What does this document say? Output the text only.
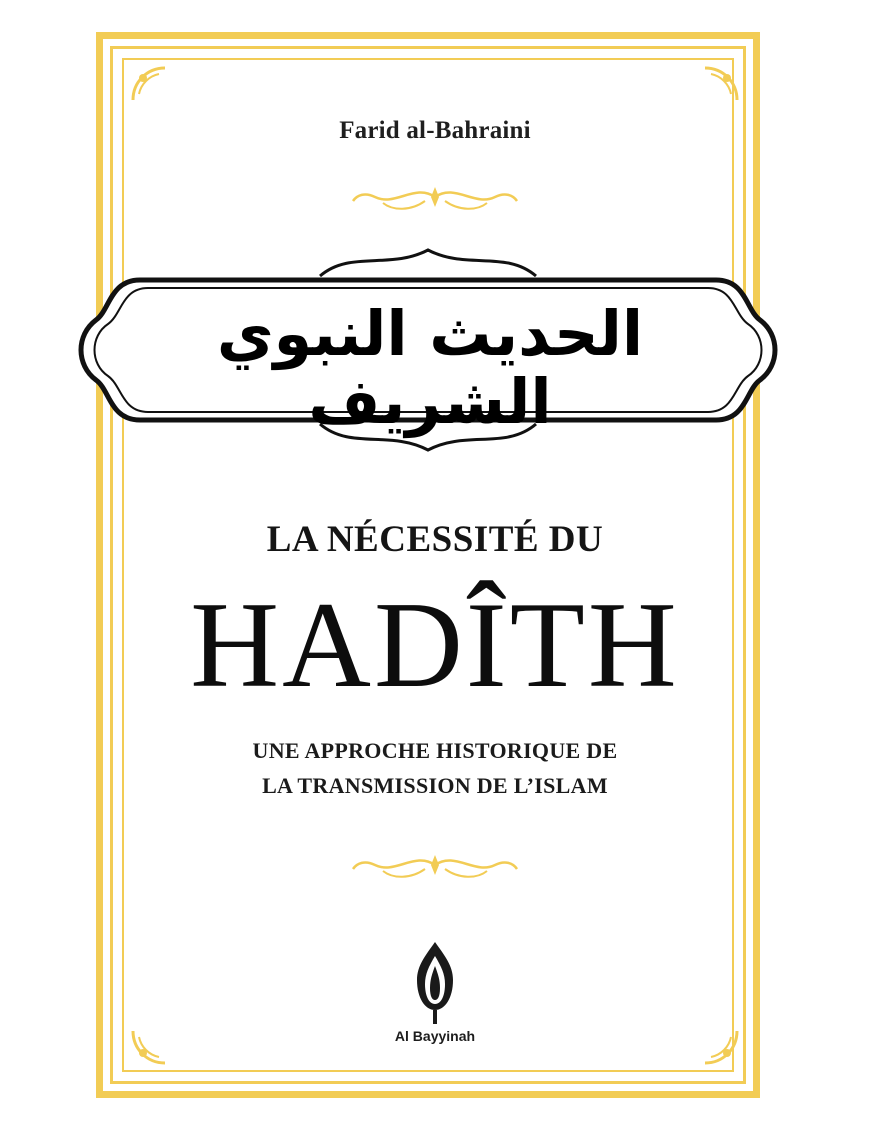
Farid al-Bahraini
الحديث النبوي الشريف
LA NÉCESSITÉ DU
HADÎTH
UNE APPROCHE HISTORIQUE DE
LA TRANSMISSION DE L’ISLAM
Al Bayyinah
